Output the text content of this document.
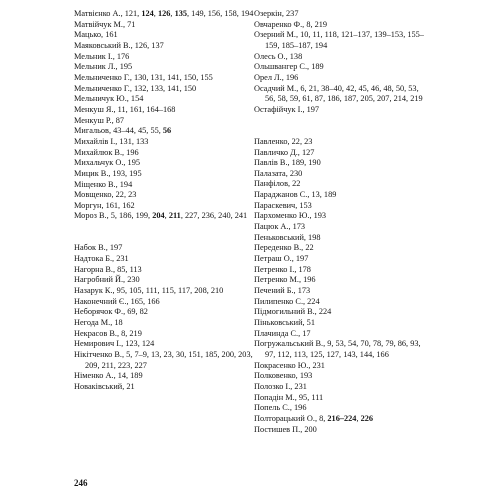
Матвієнко А., 121, 124, 126, 135, 149, 156, 158, 194

Матвійчук М., 71

Мацько, 161

Маяковський В., 126, 137

Мельник І., 176

Мельник Л., 195

Мельниченко Г., 130, 131, 141, 150, 155

Мельниченко Г., 132, 133, 141, 150

Мельничук Ю., 154

Менкуш Я., 11, 161, 164–168

Менкуш Р., 87

Мигальов, 43–44, 45, 55, 56

Михайлів І., 131, 133

Михайлюк В., 196

Михальчук О., 195

Мицик В., 193, 195

Міщенко В., 194

Мовщенко, 22, 23

Моргун, 161, 162

Мороз В., 5, 186, 199, 204, 211, 227, 236, 240, 241

Набок В., 197

Надтока Б., 231

Нагорна В., 85, 113

Нагробний Й., 230

Назарук К., 95, 105, 111, 115, 117, 208, 210

Наконечний Є., 165, 166

Неборячок Ф., 69, 82

Негода М., 18

Некрасов В., 8, 219

Немирович І., 123, 124

Нікітченко В., 5, 7–9, 13, 23, 30, 151, 185, 200, 203, 209, 211, 223, 227

Німенко А., 14, 189

Новаківський, 21

Озеркін, 237

Овчаренко Ф., 8, 219

Озерний М., 10, 11, 118, 121–137, 139–153, 155–159, 185–187, 194

Олесь О., 138

Ольшвангер С., 189

Орел Л., 196

Осадчий М., 6, 21, 38–40, 42, 45, 46, 48, 50, 53, 56, 58, 59, 61, 87, 186, 187, 205, 207, 214, 219

Остафійчук І., 197

Павленко, 22, 23

Павличко Д., 127

Павлів В., 189, 190

Палазата, 230

Панфілов, 22

Параджанов С., 13, 189

Параскевич, 153

Пархоменко Ю., 193

Пацюк А., 173

Пеньковський, 198

Переденко В., 22

Петраш О., 197

Петренко І., 178

Петренко М., 196

Печений Б., 173

Пилипенко С., 224

Підмогильний В., 224

Піньковський, 51

Плачинда С., 17

Погружальський В., 9, 53, 54, 70, 78, 79, 86, 93, 97, 112, 113, 125, 127, 143, 144, 166

Покрасенко Ю., 231

Полковенко, 193

Полозко І., 231

Попадін М., 95, 111

Попель С., 196

Полторацький О., 8, 216–224, 226

Постишев П., 200

246
